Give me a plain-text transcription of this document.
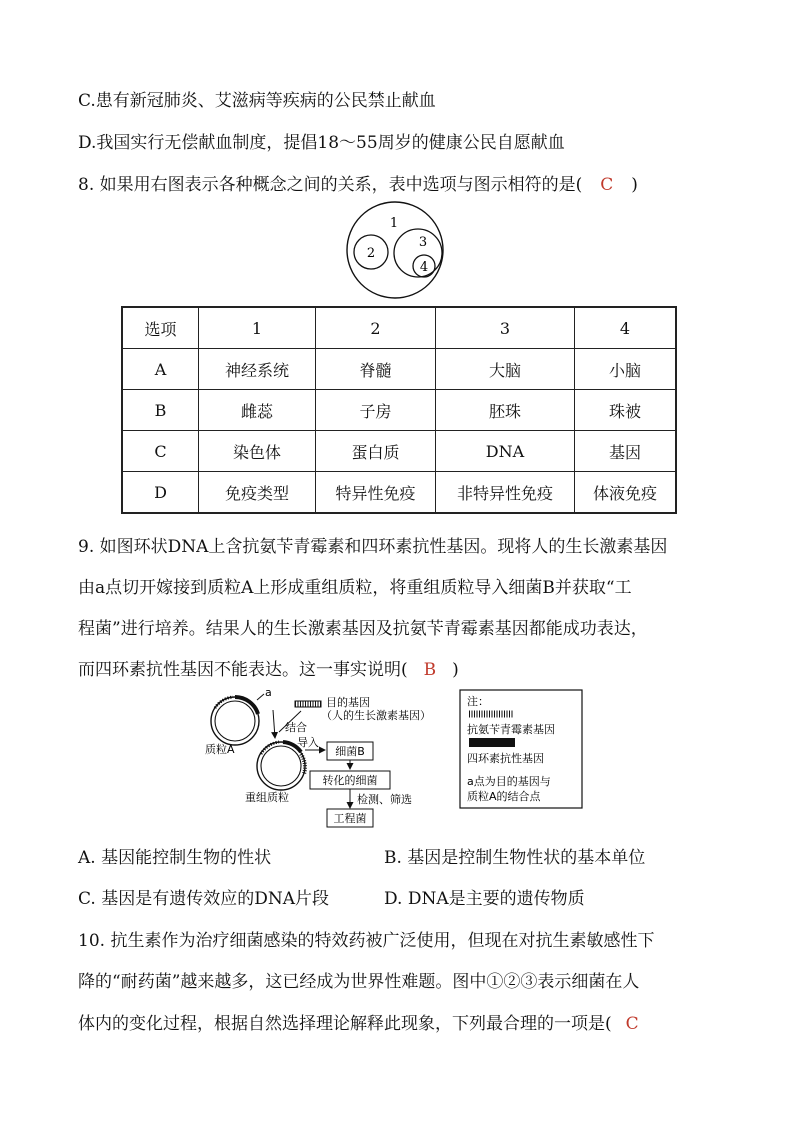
C.患有新冠肺炎、艾滋病等疾病的公民禁止献血
D.我国实行无偿献血制度，提倡18～55周岁的健康公民自愿献血
8. 如果用右图表示各种概念之间的关系，表中选项与图示相符的是( C )
1
2
3
4
选项	1	2	3	4
A	神经系统	脊髓	大脑	小脑
B	雌蕊	子房	胚珠	珠被
C	染色体	蛋白质	DNA	基因
D	免疫类型	特异性免疫	非特异性免疫	体液免疫
9. 如图环状DNA上含抗氨苄青霉素和四环素抗性基因。现将人的生长激素基因
由a点切开嫁接到质粒A上形成重组质粒，将重组质粒导入细菌B并获取“工
程菌”进行培养。结果人的生长激素基因及抗氨苄青霉素基因都能成功表达，
而四环素抗性基因不能表达。这一事实说明( B )
a
质粒A
目的基因
（人的生长激素基因）
结合
重组质粒
导入
细菌B
转化的细菌
检测、筛选
工程菌
注：
抗氨苄青霉素基因
四环素抗性基因
a点为目的基因与
质粒A的结合点
A. 基因能控制生物的性状	B. 基因是控制生物性状的基本单位
C. 基因是有遗传效应的DNA片段	D. DNA是主要的遗传物质
10. 抗生素作为治疗细菌感染的特效药被广泛使用，但现在对抗生素敏感性下
降的“耐药菌”越来越多，这已经成为世界性难题。图中①②③表示细菌在人
体内的变化过程，根据自然选择理论解释此现象，下列最合理的一项是( C
